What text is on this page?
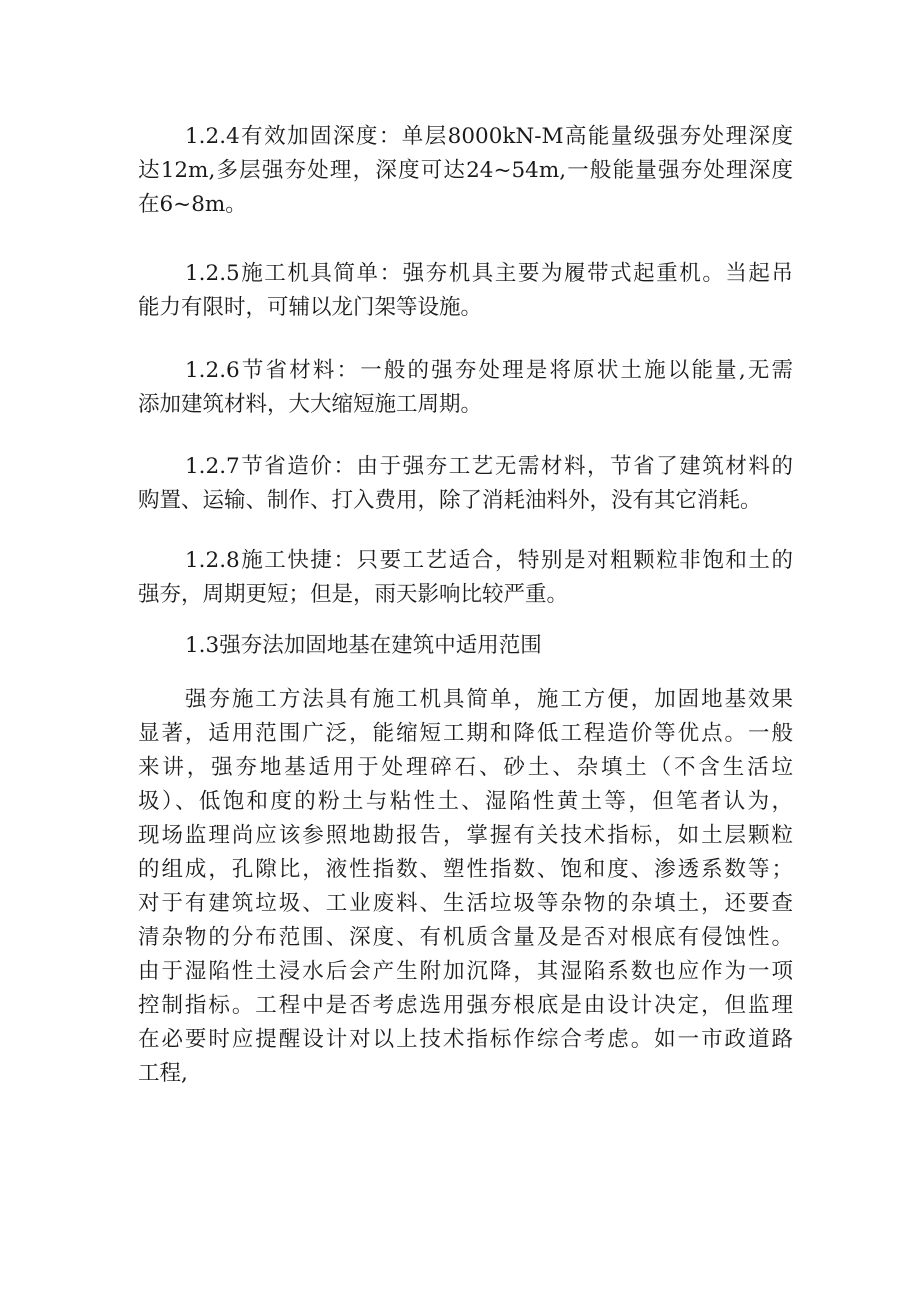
1.2.4有效加固深度：单层8000kN-M高能量级强夯处理深度
达12m,多层强夯处理，深度可达24~54m,一般能量强夯处理深度
在6~8m。
1.2.5施工机具简单：强夯机具主要为履带式起重机。当起吊
能力有限时，可辅以龙门架等设施。
1.2.6节省材料：一般的强夯处理是将原状土施以能量,无需
添加建筑材料，大大缩短施工周期。
1.2.7节省造价：由于强夯工艺无需材料，节省了建筑材料的
购置、运输、制作、打入费用，除了消耗油料外，没有其它消耗。
1.2.8施工快捷：只要工艺适合，特别是对粗颗粒非饱和土的
强夯，周期更短；但是，雨天影响比较严重。
1.3强夯法加固地基在建筑中适用范围
强夯施工方法具有施工机具简单，施工方便，加固地基效果
显著，适用范围广泛，能缩短工期和降低工程造价等优点。一般
来讲，强夯地基适用于处理碎石、砂土、杂填土（不含生活垃
圾）、低饱和度的粉土与粘性土、湿陷性黄土等，但笔者认为，
现场监理尚应该参照地勘报告，掌握有关技术指标，如土层颗粒
的组成，孔隙比，液性指数、塑性指数、饱和度、渗透系数等；
对于有建筑垃圾、工业废料、生活垃圾等杂物的杂填土，还要查
清杂物的分布范围、深度、有机质含量及是否对根底有侵蚀性。
由于湿陷性土浸水后会产生附加沉降，其湿陷系数也应作为一项
控制指标。工程中是否考虑选用强夯根底是由设计决定，但监理
在必要时应提醒设计对以上技术指标作综合考虑。如一市政道路
工程,
